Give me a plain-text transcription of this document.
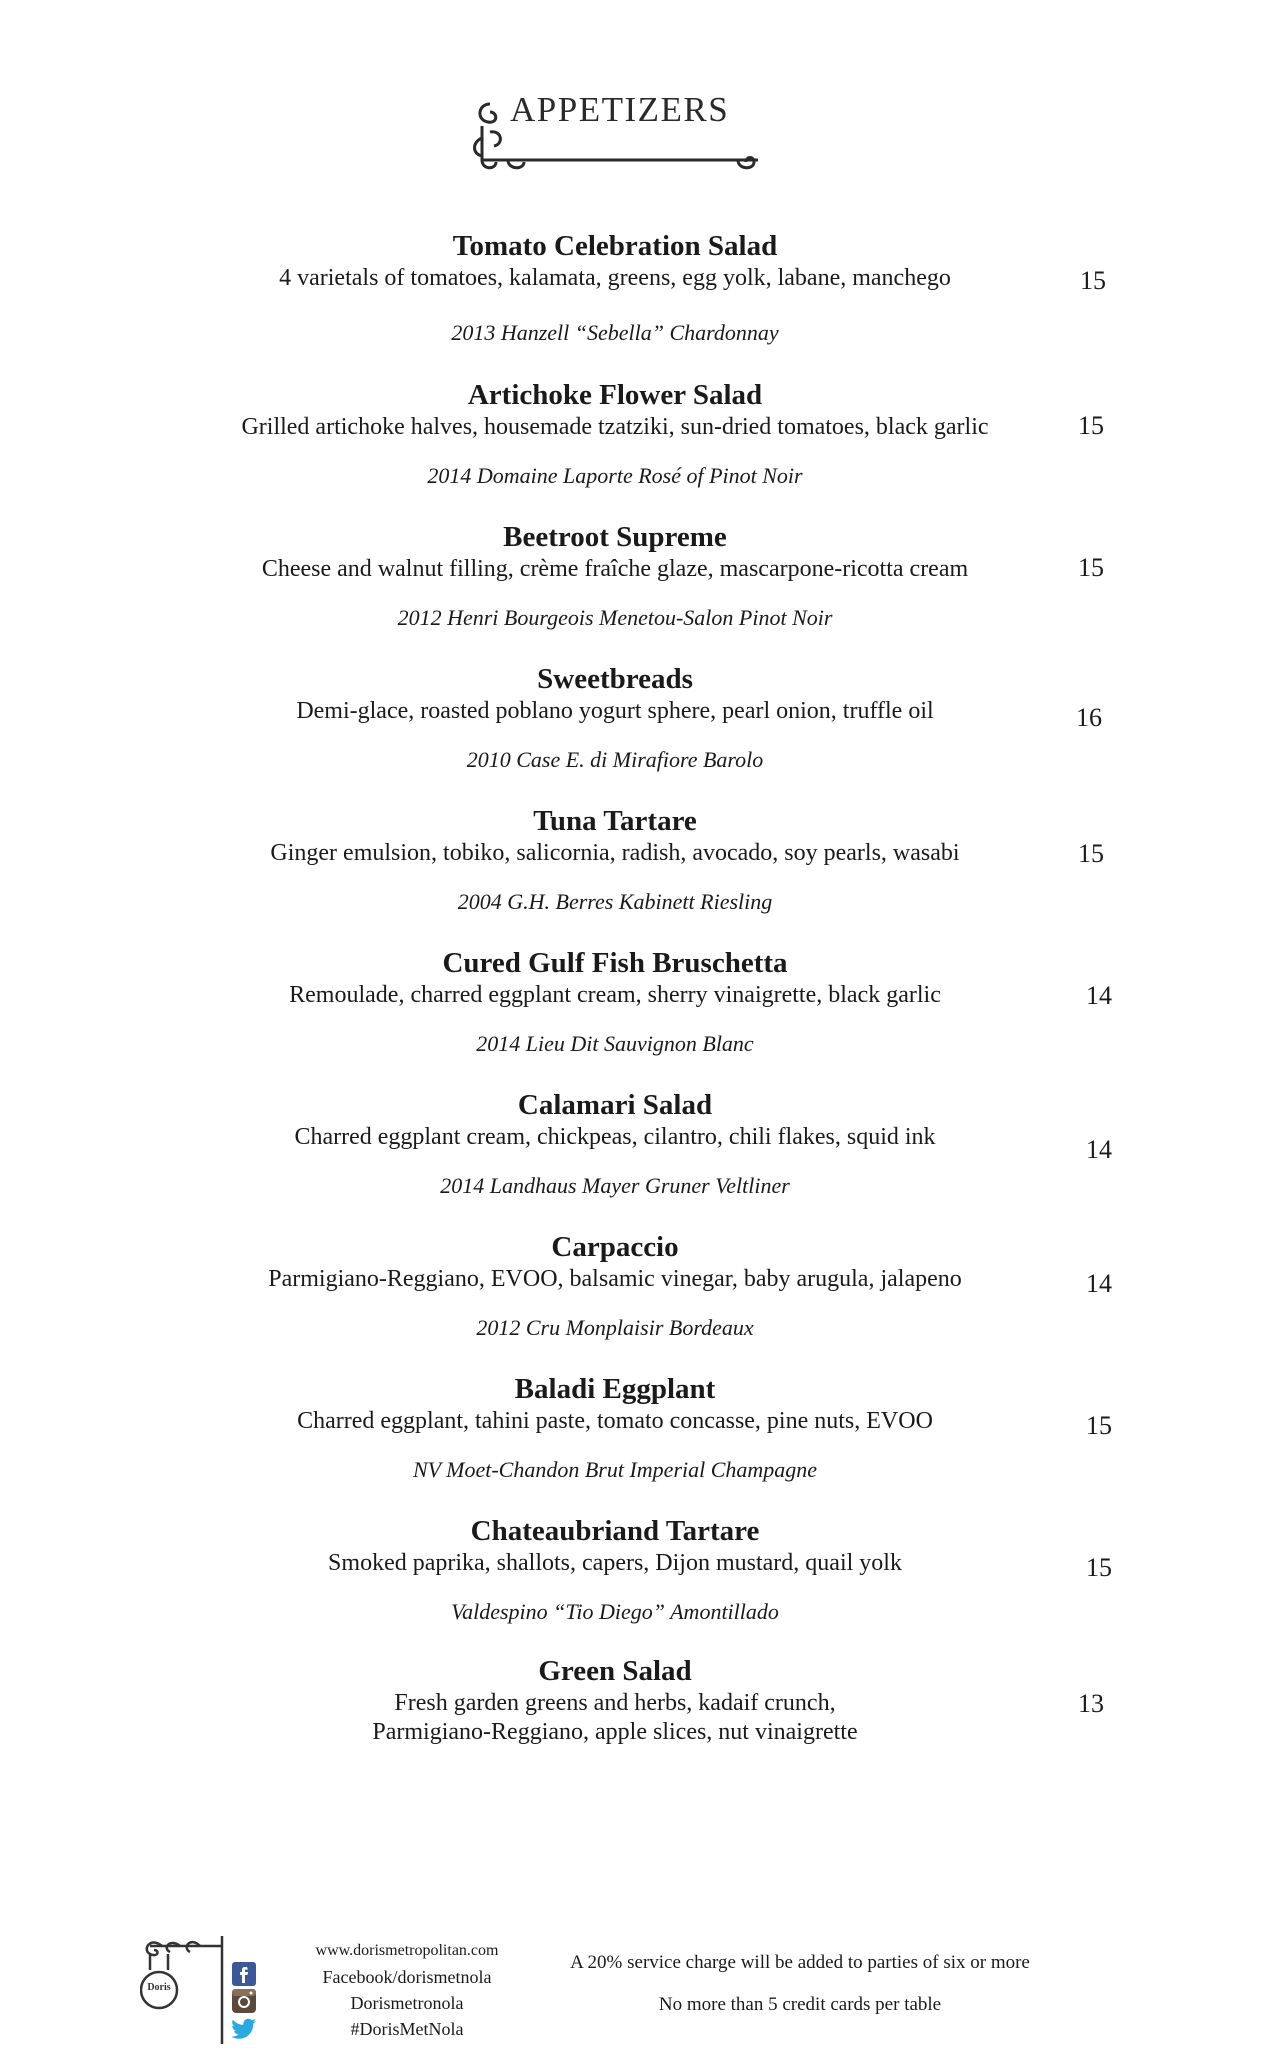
APPETIZERS
Tomato Celebration Salad
4 varietals of tomatoes, kalamata, greens, egg yolk, labane, manchego
2013 Hanzell “Sebella” Chardonnay
15
Artichoke Flower Salad
Grilled artichoke halves, housemade tzatziki, sun-dried tomatoes, black garlic
2014 Domaine Laporte Rosé of Pinot Noir
15
Beetroot Supreme
Cheese and walnut filling, crème fraîche glaze, mascarpone-ricotta cream
2012 Henri Bourgeois Menetou-Salon Pinot Noir
15
Sweetbreads
Demi-glace, roasted poblano yogurt sphere, pearl onion, truffle oil
2010 Case E. di Mirafiore Barolo
16
Tuna Tartare
Ginger emulsion, tobiko, salicornia, radish, avocado, soy pearls, wasabi
2004 G.H. Berres Kabinett Riesling
15
Cured Gulf Fish Bruschetta
Remoulade, charred eggplant cream, sherry vinaigrette, black garlic
2014 Lieu Dit Sauvignon Blanc
14
Calamari Salad
Charred eggplant cream, chickpeas, cilantro, chili flakes, squid ink
2014 Landhaus Mayer Gruner Veltliner
14
Carpaccio
Parmigiano-Reggiano, EVOO, balsamic vinegar, baby arugula, jalapeno
2012 Cru Monplaisir Bordeaux
14
Baladi Eggplant
Charred eggplant, tahini paste, tomato concasse, pine nuts, EVOO
NV Moet-Chandon Brut Imperial Champagne
15
Chateaubriand Tartare
Smoked paprika, shallots, capers, Dijon mustard, quail yolk
Valdespino “Tio Diego” Amontillado
15
Green Salad
Fresh garden greens and herbs, kadaif crunch,
Parmigiano-Reggiano, apple slices, nut vinaigrette
13
Doris
www.dorismetropolitan.com
Facebook/dorismetnola
Dorismetronola
#DorisMetNola
A 20% service charge will be added to parties of six or more
No more than 5 credit cards per table
